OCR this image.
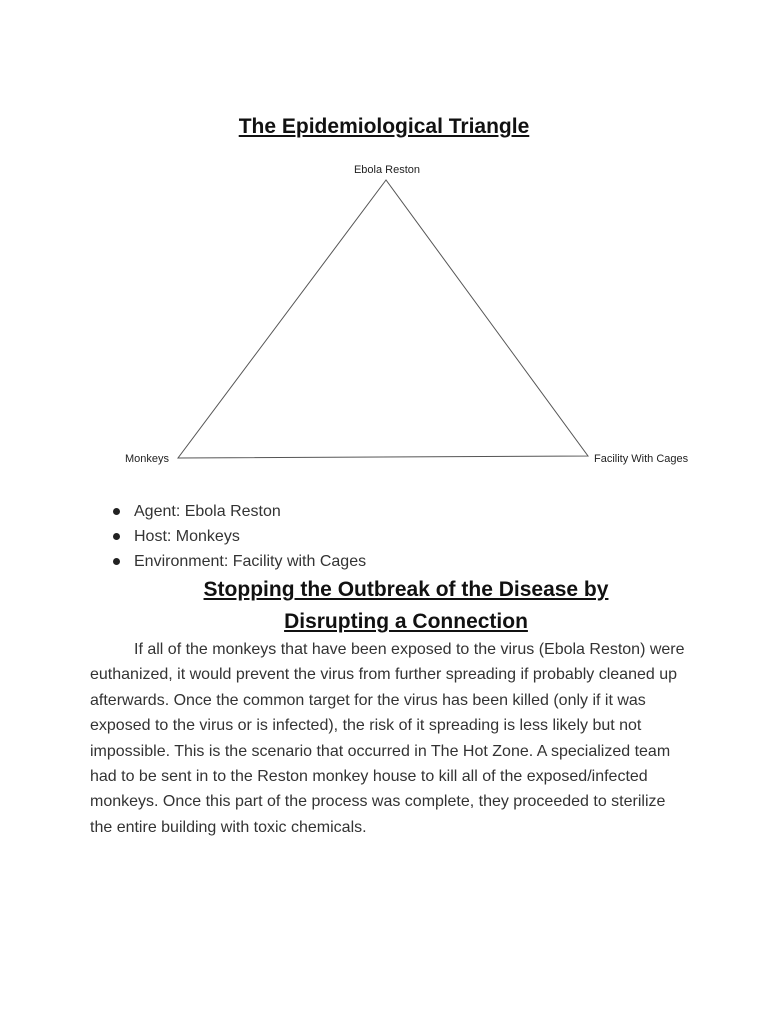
The Epidemiological Triangle
Ebola Reston
Monkeys	Facility With Cages
Agent: Ebola Reston
Host: Monkeys
Environment: Facility with Cages
Stopping the Outbreak of the Disease by
Disrupting a Connection

If all of the monkeys that have been exposed to the virus (Ebola Reston) were euthanized, it would prevent the virus from further spreading if probably cleaned up afterwards. Once the common target for the virus has been killed (only if it was exposed to the virus or is infected), the risk of it spreading is less likely but not impossible. This is the scenario that occurred in The Hot Zone. A specialized team had to be sent in to the Reston monkey house to kill all of the exposed/infected monkeys. Once this part of the process was complete, they proceeded to sterilize the entire building with toxic chemicals.
